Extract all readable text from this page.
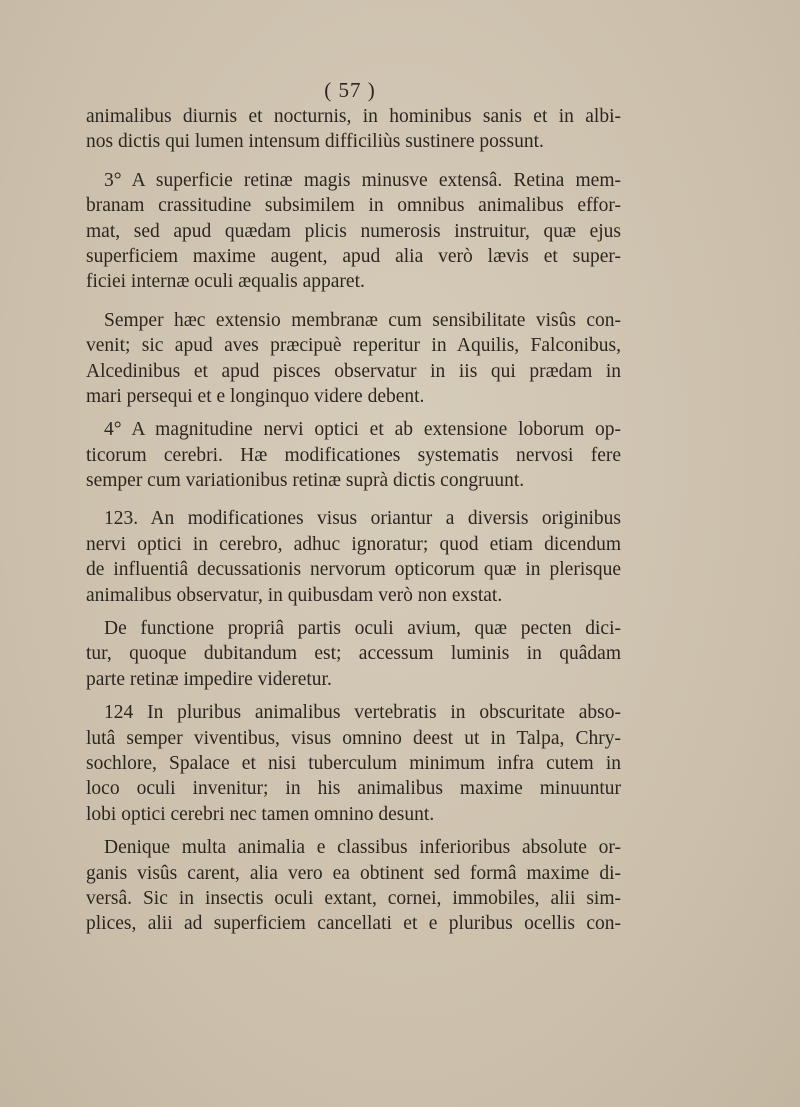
( 57 )
animalibus diurnis et nocturnis, in hominibus sanis et in albi-
nos dictis qui lumen intensum difficiliùs sustinere possunt.
3° A superficie retinæ magis minusve extensâ. Retina mem-
branam crassitudine subsimilem in omnibus animalibus effor-
mat, sed apud quædam plicis numerosis instruitur, quæ ejus
superficiem maxime augent, apud alia verò lævis et super-
ficiei internæ oculi æqualis apparet.
Semper hæc extensio membranæ cum sensibilitate visûs con-
venit; sic apud aves præcipuè reperitur in Aquilis, Falconibus,
Alcedinibus et apud pisces observatur in iis qui prædam in
mari persequi et e longinquo videre debent.
4° A magnitudine nervi optici et ab extensione loborum op-
ticorum cerebri. Hæ modificationes systematis nervosi fere
semper cum variationibus retinæ suprà dictis congruunt.
123. An modificationes visus oriantur a diversis originibus
nervi optici in cerebro, adhuc ignoratur; quod etiam dicendum
de influentiâ decussationis nervorum opticorum quæ in plerisque
animalibus observatur, in quibusdam verò non exstat.
De functione propriâ partis oculi avium, quæ pecten dici-
tur, quoque dubitandum est; accessum luminis in quâdam
parte retinæ impedire videretur.
124 In pluribus animalibus vertebratis in obscuritate abso-
lutâ semper viventibus, visus omnino deest ut in Talpa, Chry-
sochlore, Spalace et nisi tuberculum minimum infra cutem in
loco oculi invenitur; in his animalibus maxime minuuntur
lobi optici cerebri nec tamen omnino desunt.
Denique multa animalia e classibus inferioribus absolute or-
ganis visûs carent, alia vero ea obtinent sed formâ maxime di-
versâ. Sic in insectis oculi extant, cornei, immobiles, alii sim-
plices, alii ad superficiem cancellati et e pluribus ocellis con-
